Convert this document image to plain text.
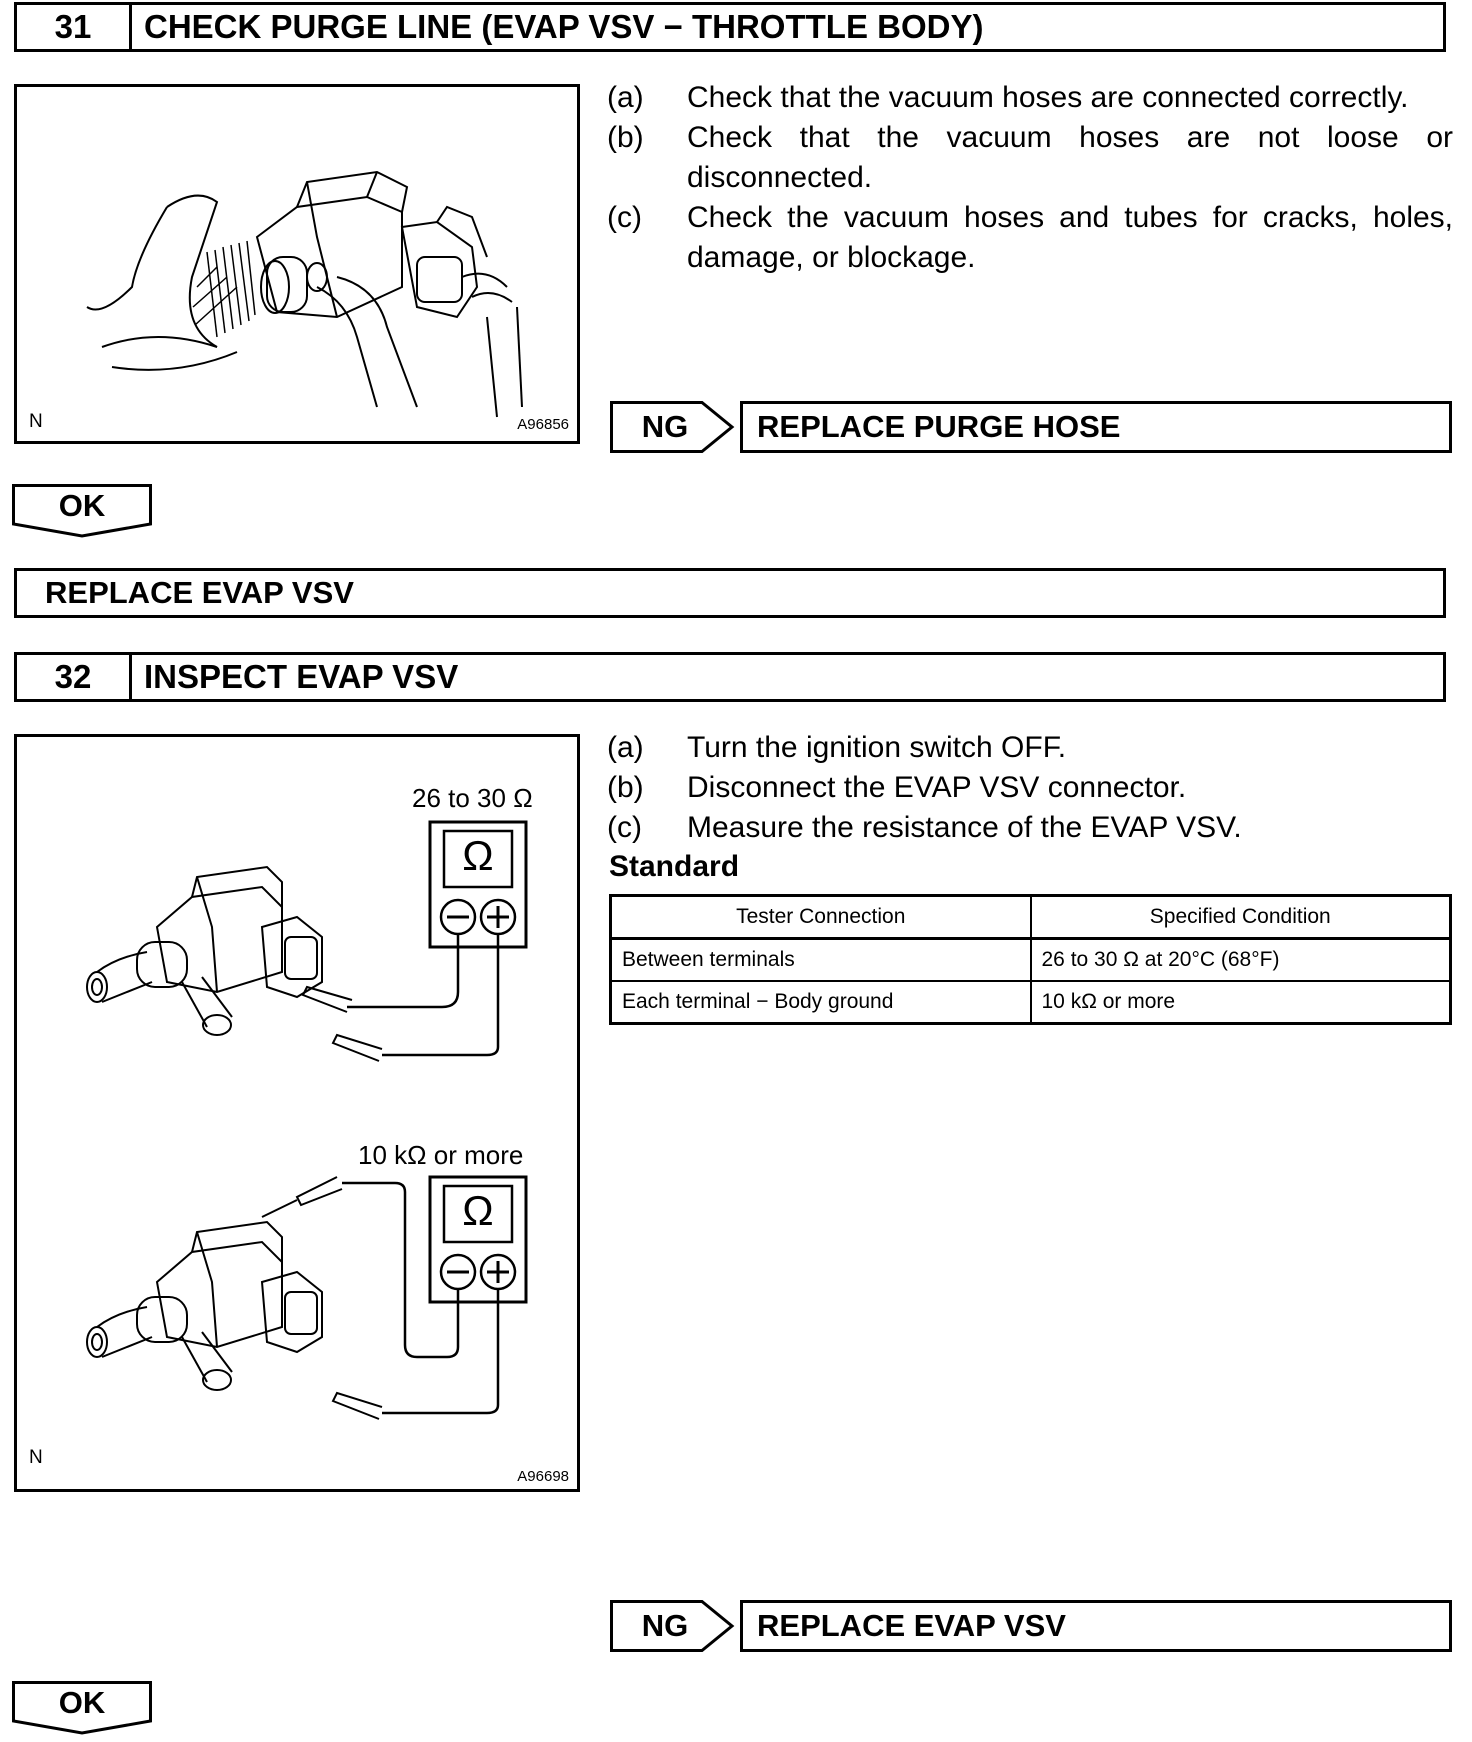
31	CHECK PURGE LINE (EVAP VSV − THROTTLE BODY)
N	A96856
(a)	Check that the vacuum hoses are connected correctly.
(b)	Check that the vacuum hoses are not loose or disconnected.
(c)	Check the vacuum hoses and tubes for cracks, holes, damage, or blockage.
NG	REPLACE PURGE HOSE
OK
REPLACE EVAP VSV
32	INSPECT EVAP VSV
26 to 30 Ω
Ω
10 kΩ or more
Ω
N
A96698
(a)	Turn the ignition switch OFF.
(b)	Disconnect the EVAP VSV connector.
(c)	Measure the resistance of the EVAP VSV.
Standard
Tester Connection	Specified Condition
Between terminals	26 to 30 Ω at 20°C (68°F)
Each terminal − Body ground	10 kΩ or more
NG	REPLACE EVAP VSV
OK
